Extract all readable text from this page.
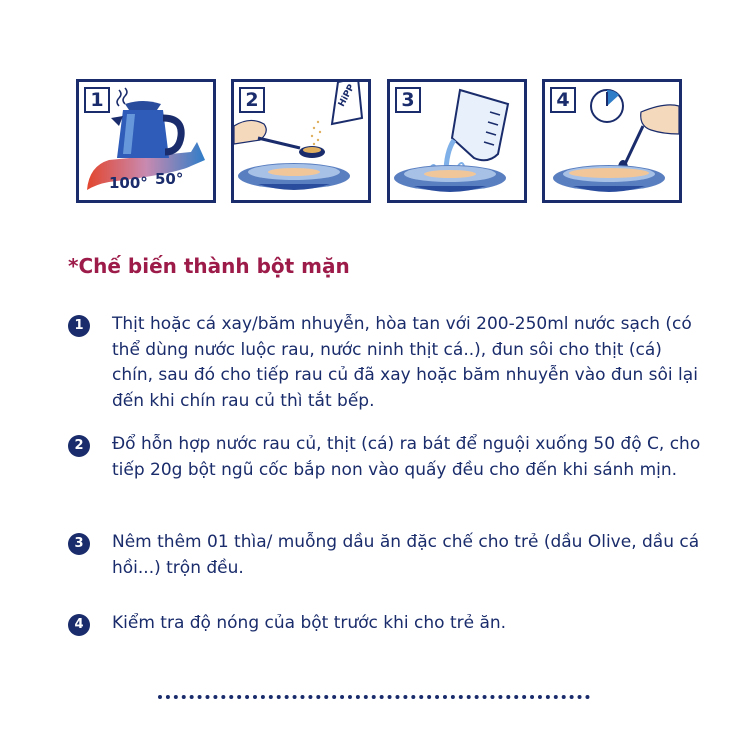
1
100° 50°
2	HiPP	3	4
*Chế biến thành bột mặn
1	Thịt hoặc cá xay/băm nhuyễn, hòa tan với 200-250ml nước sạch (có thể dùng nước luộc rau, nước ninh thịt cá..), đun sôi cho thịt (cá) chín, sau đó cho tiếp rau củ đã xay hoặc băm nhuyễn vào đun sôi lại đến khi chín rau củ thì tắt bếp.

2	Đổ hỗn hợp nước rau củ, thịt (cá) ra bát để nguội xuống 50 độ C, cho tiếp 20g bột ngũ cốc bắp non vào quấy đều cho đến khi sánh mịn.

3	Nêm thêm 01 thìa/ muỗng dầu ăn đặc chế cho trẻ (dầu Olive, dầu cá hồi...) trộn đều.

4	Kiểm tra độ nóng của bột trước khi cho trẻ ăn.
